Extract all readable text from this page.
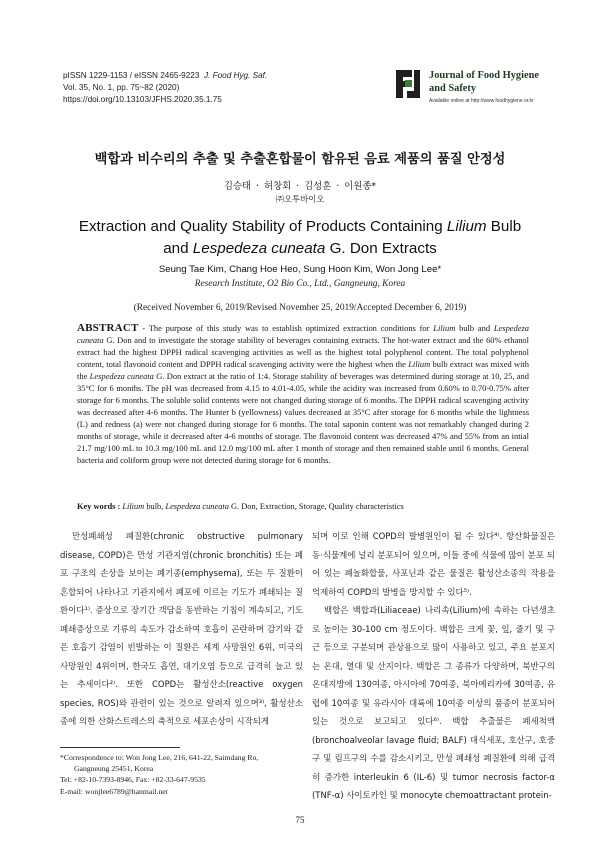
pISSN 1229-1153 / eISSN 2465-9223 J. Food Hyg. Saf.
Vol. 35, No. 1, pp. 75~82 (2020)
https://doi.org/10.13103/JFHS.2020.35.1.75
Journal of Food Hygiene
and Safety
Available online at http://www.foodhygiene.or.kr
백합과 비수리의 추출 및 추출혼합물이 함유된 음료 제품의 품질 안정성
김승태 · 허창회 · 김성훈 · 이원종*
㈜오투바이오
Extraction and Quality Stability of Products Containing Lilium Bulb
and Lespedeza cuneata G. Don Extracts
Seung Tae Kim, Chang Hoe Heo, Sung Hoon Kim, Won Jong Lee*
Research Institute, O2 Bio Co., Ltd., Gangneung, Korea
(Received November 6, 2019/Revised November 25, 2019/Accepted December 6, 2019)
ABSTRACT - The purpose of this study was to establish optimized extraction conditions for Lilium bulb and Lespedeza cuneata G. Don and to investigate the storage stability of beverages containing extracts. The hot-water extract and the 60% ethanol extract had the highest DPPH radical scavenging activities as well as the highest total polyphenol content. The total polyphenol content, total flavonoid content and DPPH radical scavenging activity were the highest when the Lilium bulb extract was mixed with the Lespedeza cuneata G. Don extract at the ratio of 1:4. Storage stability of beverages was determined during storage at 10, 25, and 35°C for 6 months. The pH was decreased from 4.15 to 4.01-4.05, while the acidity was increased from 0.60% to 0.70-0.75% after storage for 6 months. The soluble solid contents were not changed during storage of 6 months. The DPPH radical scavenging activity was decreased after 4-6 months. The Hunter b (yellowness) values decreased at 35°C after storage for 6 months while the lightness (L) and redness (a) were not changed during storage for 6 months. The total saponin content was not remarkably changed during 2 months of storage, while it decreased after 4-6 months of storage. The flavonoid content was decreased 47% and 55% from an intial 21.7 mg/100 mL to 10.3 mg/100 mL and 12.0 mg/100 mL after 1 month of storage and then remained stable until 6 months. General bacteria and coliform group were not detected during storage for 6 months.
Key words : Lilium bulb, Lespedeza cuneata G. Don, Extraction, Storage, Quality characteristics

만성폐쇄성 폐질환(chronic obstructive pulmonary disease, COPD)은 만성 기관지염(chronic bronchitis) 또는 폐포 구조의 손상을 보이는 폐기종(emphysema), 또는 두 질환이 혼합되어 나타나고 기관지에서 폐포에 이르는 기도가 폐쇄되는 질환이다¹⁾. 증상으로 장기간 객담을 동반하는 기침이 계속되고, 기도 폐쇄증상으로 기류의 속도가 감소하여 호흡이 곤란하며 감기와 같은 호흡기 감염이 빈발하는 이 질환은 세계 사망원인 6위, 미국의 사망원인 4위이며, 한국도 흡연, 대기오염 등으로 급격히 늘고 있는 추세이다²⁾. 또한 COPD는 활성산소(reactive oxygen species, ROS)와 관련이 있는 것으로 알려져 있으며³⁾, 활성산소종에 의한 산화스트레스의 축적으로 세포손상이 시작되게

되며 이로 인해 COPD의 발병원인이 될 수 있다⁴⁾. 항산화물질은 동·식물계에 널리 분포되어 있으며, 이들 중에 식물에 많이 분포 되어 있는 폐놀화합물, 사포닌과 같은 물질은 활성산소종의 작용을 억제하여 COPD의 발병을 방지할 수 있다⁵⁾.

백합은 백합과(Liliaceae) 나리속(Lilium)에 속하는 다년생초로 높이는 30-100 cm 정도이다. 백합은 크게 꽃, 잎, 줄기 및 구근 등으로 구분되며 관상용으로 많이 사용하고 있고, 주요 분포지는 온대, 열대 및 산지이다. 백합은 그 종류가 다양하며, 북반구의 온대지방에 130여종, 아시아에 70여종, 북아메리카에 30여종, 유럽에 10여종 및 유라시아 대륙에 10여종 이상의 품종이 분포되어 있는 것으로 보고되고 있다⁶⁾. 백합 추출물은 폐세척액(bronchoalveolar lavage fluid; BALF) 대식세포, 호산구, 호중구 및 림프구의 수를 감소시키고, 만성 폐쇄성 폐질환에 의해 급격히 증가한 interleukin 6 (IL-6) 및 tumor necrosis factor-α (TNF-α) 사이토카인 및 monocyte chemoattractant protein-

*Correspondence to: Won Jong Lee, 216, 641-22, Saimdang Ro,
Gangneung 25451, Korea
Tel: +82-10-7393-8946, Fax: +82-33-647-9535
E-mail: wonjlee6789@hanmail.net
75
